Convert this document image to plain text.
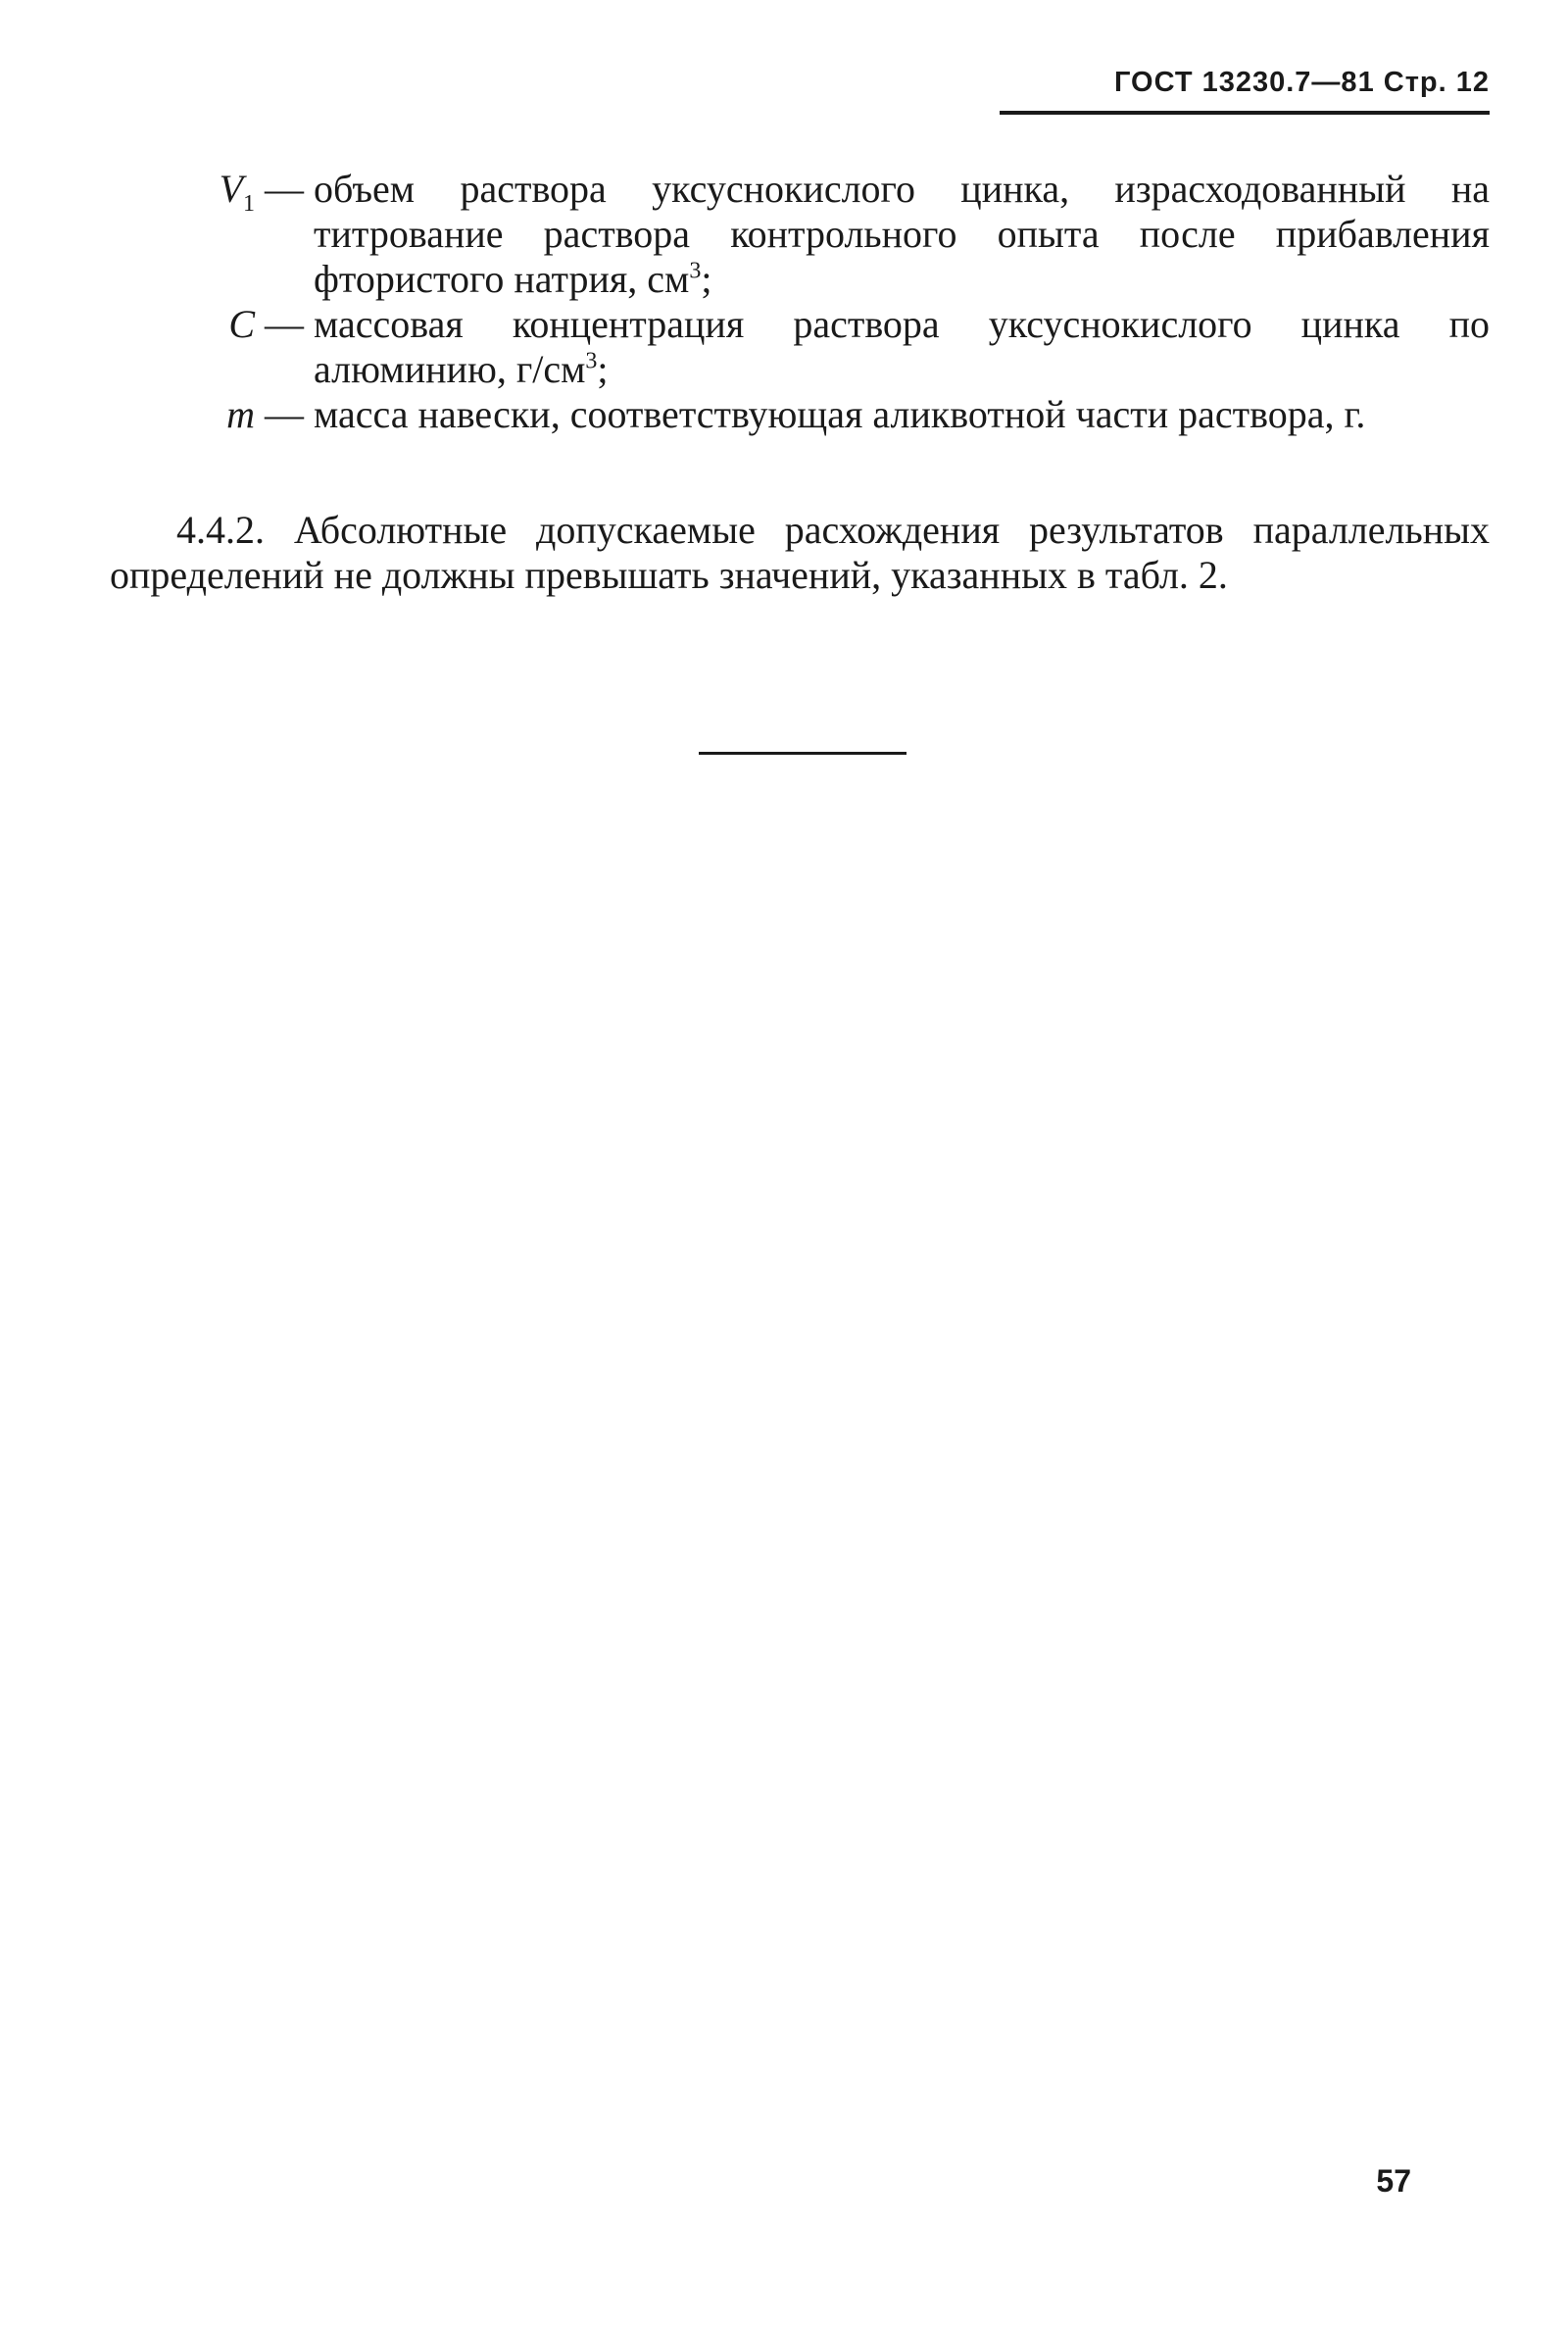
ГОСТ 13230.7—81 Стр. 12
$V_1$ — объем раствора уксуснокислого цинка, израсходованный на титрование раствора контрольного опыта после прибавления фтористого натрия, $см^3$;
C — массовая концентрация раствора уксуснокислого цинка по алюминию, $г/см^3$;
m — масса навески, соответствующая аликвотной части раствора, г.
4.4.2. Абсолютные допускаемые расхождения результатов параллельных определений не должны превышать значений, указанных в табл. 2.
57
